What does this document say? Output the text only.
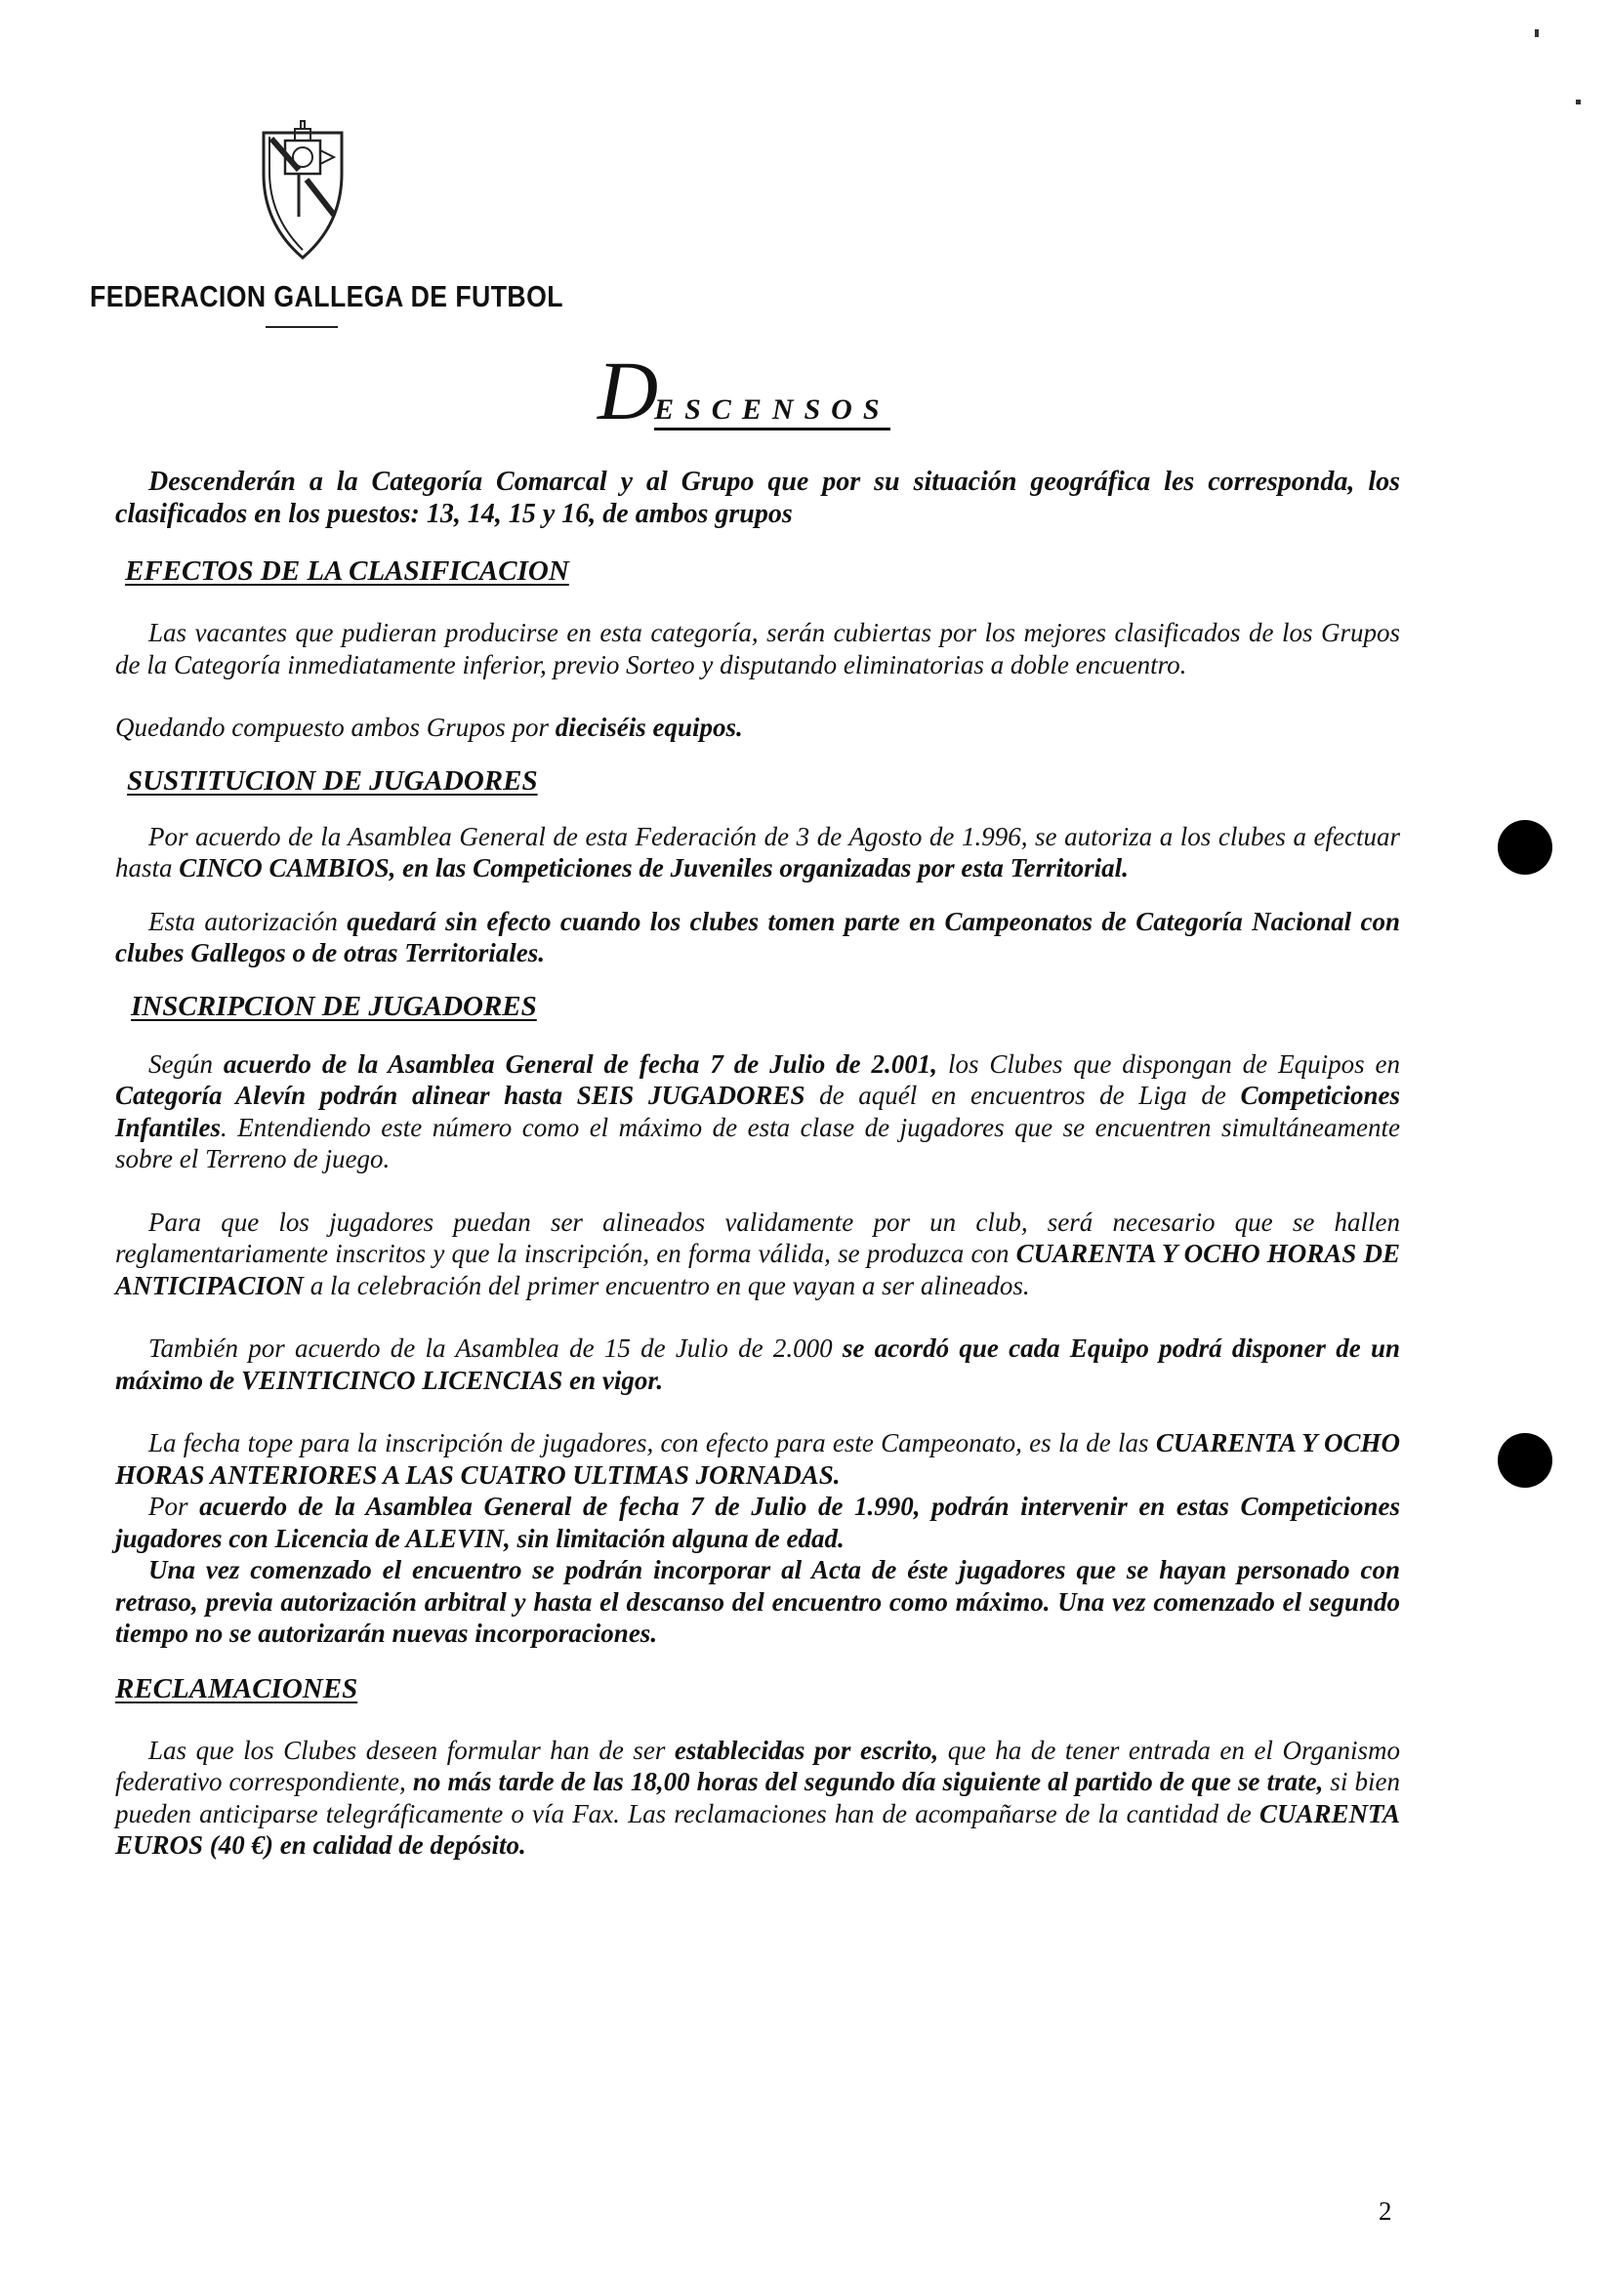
FEDERACION GALLEGA DE FUTBOL
DESCENSOS

Descenderán a la Categoría Comarcal y al Grupo que por su situación geográfica les corresponda, los clasificados en los puestos: 13, 14, 15 y 16, de ambos grupos

EFECTOS DE LA CLASIFICACION

Las vacantes que pudieran producirse en esta categoría, serán cubiertas por los mejores clasificados de los Grupos de la Categoría inmediatamente inferior, previo Sorteo y disputando eliminatorias a doble encuentro.

Quedando compuesto ambos Grupos por dieciséis equipos.

SUSTITUCION DE JUGADORES

Por acuerdo de la Asamblea General de esta Federación de 3 de Agosto de 1.996, se autoriza a los clubes a efectuar hasta CINCO CAMBIOS, en las Competiciones de Juveniles organizadas por esta Territorial.

Esta autorización quedará sin efecto cuando los clubes tomen parte en Campeonatos de Categoría Nacional con clubes Gallegos o de otras Territoriales.

INSCRIPCION DE JUGADORES

Según acuerdo de la Asamblea General de fecha 7 de Julio de 2.001, los Clubes que dispongan de Equipos en Categoría Alevín podrán alinear hasta SEIS JUGADORES de aquél en encuentros de Liga de Competiciones Infantiles. Entendiendo este número como el máximo de esta clase de jugadores que se encuentren simultáneamente sobre el Terreno de juego.

Para que los jugadores puedan ser alineados validamente por un club, será necesario que se hallen reglamentariamente inscritos y que la inscripción, en forma válida, se produzca con CUARENTA Y OCHO HORAS DE ANTICIPACION a la celebración del primer encuentro en que vayan a ser alineados.

También por acuerdo de la Asamblea de 15 de Julio de 2.000 se acordó que cada Equipo podrá disponer de un máximo de VEINTICINCO LICENCIAS en vigor.

La fecha tope para la inscripción de jugadores, con efecto para este Campeonato, es la de las CUARENTA Y OCHO HORAS ANTERIORES A LAS CUATRO ULTIMAS JORNADAS.

Por acuerdo de la Asamblea General de fecha 7 de Julio de 1.990, podrán intervenir en estas Competiciones jugadores con Licencia de ALEVIN, sin limitación alguna de edad.

Una vez comenzado el encuentro se podrán incorporar al Acta de éste jugadores que se hayan personado con retraso, previa autorización arbitral y hasta el descanso del encuentro como máximo. Una vez comenzado el segundo tiempo no se autorizarán nuevas incorporaciones.

RECLAMACIONES

Las que los Clubes deseen formular han de ser establecidas por escrito, que ha de tener entrada en el Organismo federativo correspondiente, no más tarde de las 18,00 horas del segundo día siguiente al partido de que se trate, si bien pueden anticiparse telegráficamente o vía Fax. Las reclamaciones han de acompañarse de la cantidad de CUARENTA EUROS (40 €) en calidad de depósito.

2
